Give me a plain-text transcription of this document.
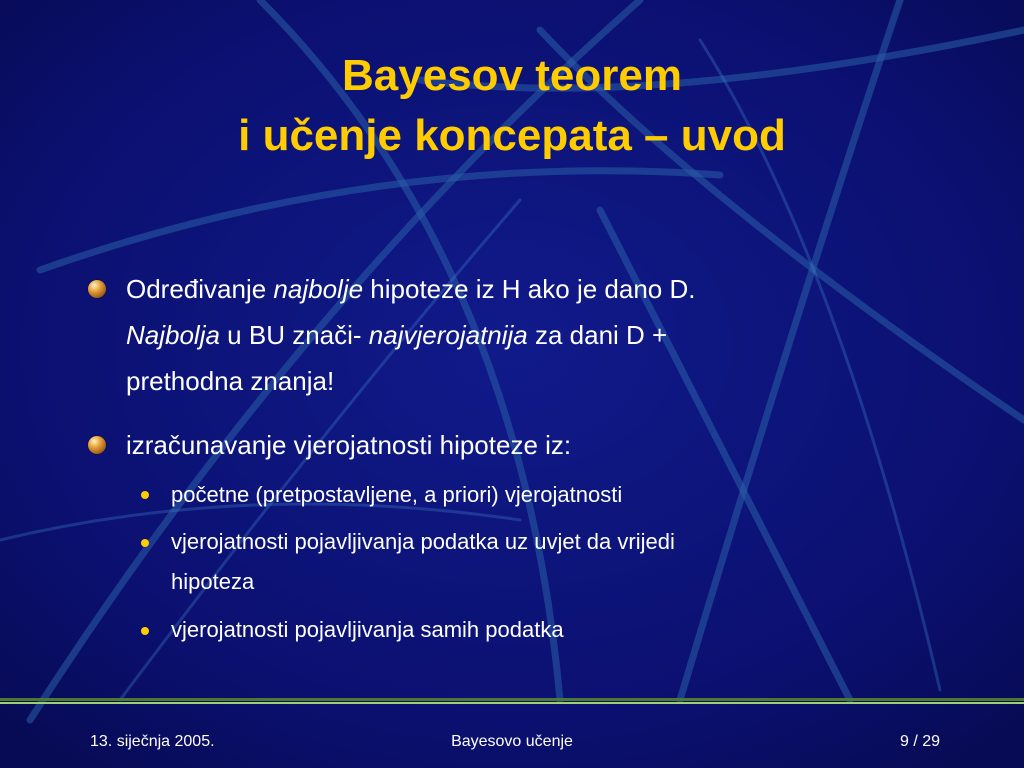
Bayesov teorem
i učenje koncepata – uvod
Određivanje najbolje hipoteze iz H ako je dano D.
Najbolja u BU znači- najvjerojatnija za dani D +
prethodna znanja!
izračunavanje vjerojatnosti hipoteze iz:
početne (pretpostavljene, a priori) vjerojatnosti
vjerojatnosti pojavljivanja podatka uz uvjet da vrijedi
hipoteza
vjerojatnosti pojavljivanja samih podatka
13. siječnja 2005.	Bayesovo učenje	9 / 29
